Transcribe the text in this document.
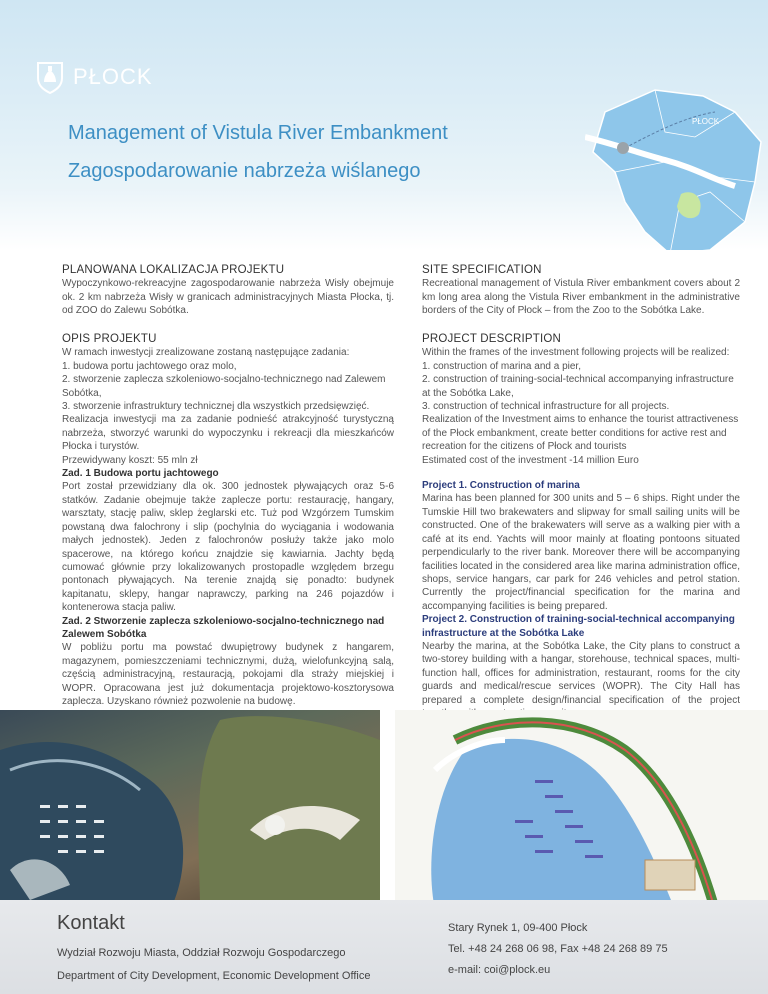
PŁOCK
Management of Vistula River Embankment
Zagospodarowanie nabrzeża wiślanego
PŁOCK

PLANOWANA LOKALIZACJA PROJEKTU

Wypoczynkowo-rekreacyjne zagospodarowanie nabrzeża Wisły obejmuje ok. 2 km nabrzeża Wisły w granicach administracyjnych Miasta Płocka, tj. od ZOO do Zalewu Sobótka.

OPIS PROJEKTU

W ramach inwestycji zrealizowane zostaną następujące zadania:

1. budowa portu jachtowego oraz molo,

2. stworzenie zaplecza szkoleniowo-socjalno-technicznego nad Zalewem Sobótka,

3. stworzenie infrastruktury technicznej dla wszystkich przedsięwzięć.

Realizacja inwestycji ma za zadanie podnieść atrakcyjność turystyczną nabrzeża, stworzyć warunki do wypoczynku i rekreacji dla mieszkańców Płocka i turystów.

Przewidywany koszt: 55 mln zł

Zad. 1 Budowa portu jachtowego

Port został przewidziany dla ok. 300 jednostek pływających oraz 5-6 statków. Zadanie obejmuje także zaplecze portu: restaurację, hangary, warsztaty, stację paliw, sklep żeglarski etc. Tuż pod Wzgórzem Tumskim powstaną dwa falochrony i slip (pochylnia do wyciągania i wodowania małych jednostek). Jeden z falochronów posłuży także jako molo spacerowe, na którego końcu znajdzie się kawiarnia. Jachty będą cumować głównie przy lokalizowanych prostopadle względem brzegu pontonach pływających. Na terenie znajdą się ponadto: budynek kapitanatu, sklepy, hangar naprawczy, parking na 246 pojazdów i kontenerowa stacja paliw.

Zad. 2 Stworzenie zaplecza szkoleniowo-socjalno-technicznego nad Zalewem Sobótka

W pobliżu portu ma powstać dwupiętrowy budynek z hangarem, magazynem, pomieszczeniami technicznymi, dużą, wielofunkcyjną salą, częścią administracyjną, restauracją, pokojami dla straży miejskiej i WOPR. Opracowana jest już dokumentacja projektowo-kosztorysowa zaplecza. Uzyskano również pozwolenie na budowę.

SITE SPECIFICATION

Recreational management of Vistula River embankment covers about 2 km long area along the Vistula River embankment in the administrative borders of the City of Płock – from the Zoo to the Sobótka Lake.

PROJECT DESCRIPTION

Within the frames of the investment following projects will be realized:

1. construction of marina and a pier,

2. construction of training-social-technical accompanying infrastructure at the Sobótka Lake,

3. construction of technical infrastructure for all projects.

Realization of the Investment aims to enhance the tourist attractiveness of the Płock embankment, create better conditions for active rest and recreation for the citizens of Płock and tourists

Estimated cost of the investment -14 million Euro

Project 1. Construction of marina

Marina has been planned for 300 units and 5 – 6 ships. Right under the Tumskie Hill two brakewaters and slipway for small sailing units will be constructed. One of the brakewaters will serve as a walking pier with a café at its end. Yachts will moor mainly at floating pontoons situated perpendicularly to the river bank. Moreover there will be accompanying facilities located in the considered area like marina administration office, shops, service hangars, car park for 246 vehicles and petrol station. Currently the project/financial specification for the marina and accompanying facilities is being prepared.

Project 2. Construction of training-social-technical accompanying infrastructure at the Sobótka Lake

Nearby the marina, at the Sobótka Lake, the City plans to construct a two-storey building with a hangar, storehouse, technical spaces, multi-function hall, offices for administration, restaurant, rooms for the city guards and medical/rescue services (WOPR). The City Hall has prepared a complete design/financial specification of the project

Kontakt
Wydział Rozwoju Miasta, Oddział Rozwoju Gospodarczego
Department of City Development, Economic Development Office
Stary Rynek 1, 09-400 Płock
Tel. +48 24 268 06 98, Fax +48 24 268 89 75
e-mail: coi@plock.eu
